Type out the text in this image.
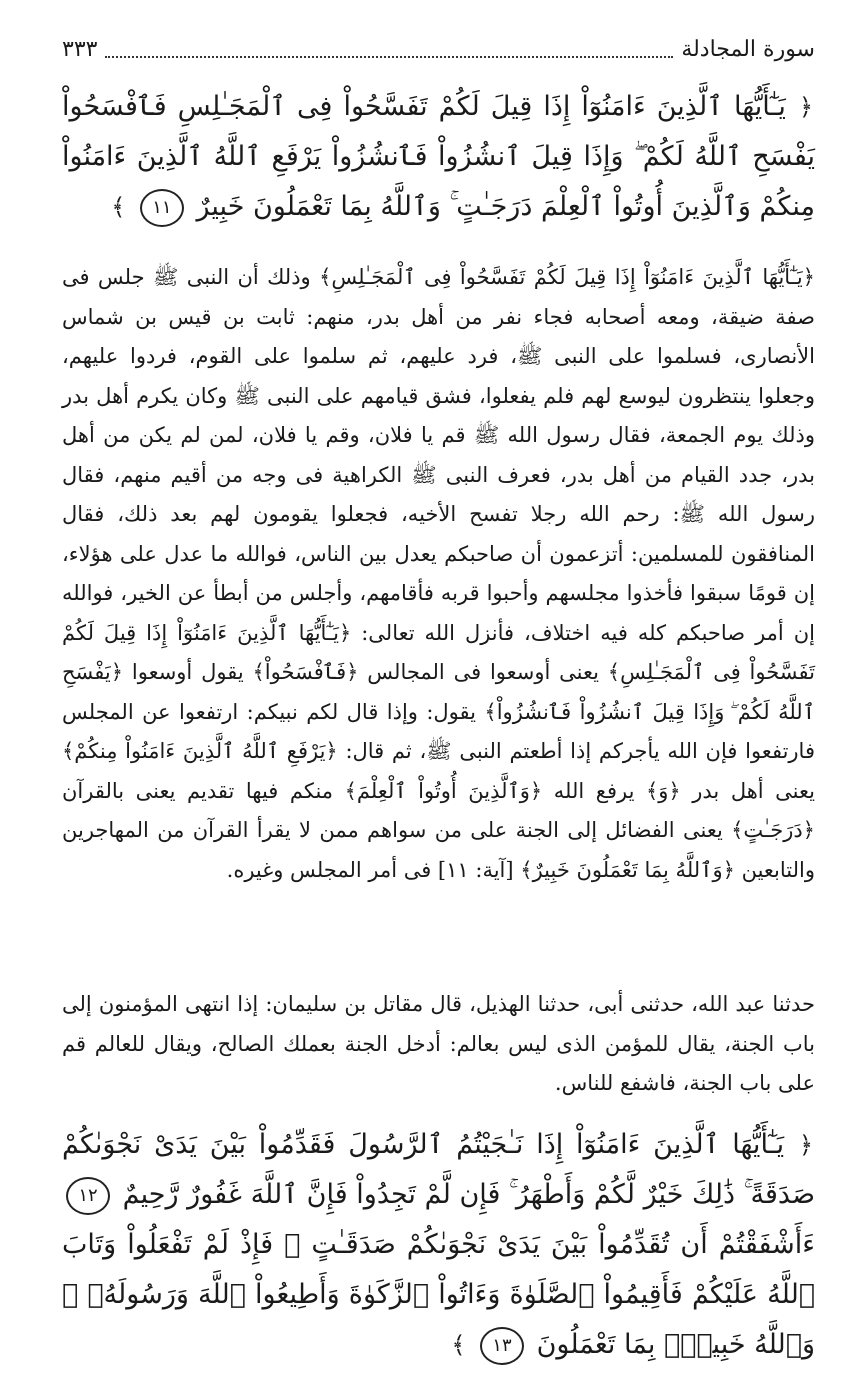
سورة المجادلة
٣٣٣

﴿ يَـٰٓأَيُّهَا ٱلَّذِينَ ءَامَنُوٓاْ إِذَا قِيلَ لَكُمْ تَفَسَّحُواْ فِى ٱلْمَجَـٰلِسِ فَٱفْسَحُواْ يَفْسَحِ ٱللَّهُ لَكُمْ ۖ وَإِذَا قِيلَ ٱنشُزُواْ فَٱنشُزُواْ يَرْفَعِ ٱللَّهُ ٱلَّذِينَ ءَامَنُواْ مِنكُمْ وَٱلَّذِينَ أُوتُواْ ٱلْعِلْمَ دَرَجَـٰتٍ ۚ وَٱللَّهُ بِمَا تَعْمَلُونَ خَبِيرٌ ١١ ﴾

﴿يَـٰٓأَيُّهَا ٱلَّذِينَ ءَامَنُوٓاْ إِذَا قِيلَ لَكُمْ تَفَسَّحُواْ فِى ٱلْمَجَـٰلِسِ﴾ وذلك أن النبى ﷺ جلس فى صفة ضيقة، ومعه أصحابه فجاء نفر من أهل بدر، منهم: ثابت بن قيس بن شماس الأنصارى، فسلموا على النبى ﷺ، فرد عليهم، ثم سلموا على القوم، فردوا عليهم، وجعلوا ينتظرون ليوسع لهم فلم يفعلوا، فشق قيامهم على النبى ﷺ وكان يكرم أهل بدر وذلك يوم الجمعة، فقال رسول الله ﷺ قم يا فلان، وقم يا فلان، لمن لم يكن من أهل بدر، جدد القيام من أهل بدر، فعرف النبى ﷺ الكراهية فى وجه من أقيم منهم، فقال رسول الله ﷺ: رحم الله رجلا تفسح الأخيه، فجعلوا يقومون لهم بعد ذلك، فقال المنافقون للمسلمين: أتزعمون أن صاحبكم يعدل بين الناس، فوالله ما عدل على هؤلاء، إن قومًا سبقوا فأخذوا مجلسهم وأحبوا قربه فأقامهم، وأجلس من أبطأ عن الخير، فوالله إن أمر صاحبكم كله فيه اختلاف، فأنزل الله تعالى: ﴿يَـٰٓأَيُّهَا ٱلَّذِينَ ءَامَنُوٓاْ إِذَا قِيلَ لَكُمْ تَفَسَّحُواْ فِى ٱلْمَجَـٰلِسِ﴾ يعنى أوسعوا فى المجالس ﴿فَٱفْسَحُواْ﴾ يقول أوسعوا ﴿يَفْسَحِ ٱللَّهُ لَكُمْ ۖ وَإِذَا قِيلَ ٱنشُزُواْ فَٱنشُزُواْ﴾ يقول: وإذا قال لكم نبيكم: ارتفعوا عن المجلس فارتفعوا فإن الله يأجركم إذا أطعتم النبى ﷺ، ثم قال: ﴿يَرْفَعِ ٱللَّهُ ٱلَّذِينَ ءَامَنُواْ مِنكُمْ﴾ يعنى أهل بدر ﴿وَ﴾ يرفع الله ﴿وَٱلَّذِينَ أُوتُواْ ٱلْعِلْمَ﴾ منكم فيها تقديم يعنى بالقرآن ﴿دَرَجَـٰتٍ﴾ يعنى الفضائل إلى الجنة على من سواهم ممن لا يقرأ القرآن من المهاجرين والتابعين ﴿وَٱللَّهُ بِمَا تَعْمَلُونَ خَبِيرٌ﴾ [آية: ١١] فى أمر المجلس وغيره.

حدثنا عبد الله، حدثنى أبى، حدثنا الهذيل، قال مقاتل بن سليمان: إذا انتهى المؤمنون إلى باب الجنة، يقال للمؤمن الذى ليس بعالم: أدخل الجنة بعملك الصالح، ويقال للعالم قم على باب الجنة، فاشفع للناس.

﴿ يَـٰٓأَيُّهَا ٱلَّذِينَ ءَامَنُوٓاْ إِذَا نَـٰجَيْتُمُ ٱلرَّسُولَ فَقَدِّمُواْ بَيْنَ يَدَىْ نَجْوَىٰكُمْ صَدَقَةً ۚ ذَٰلِكَ خَيْرٌ لَّكُمْ وَأَطْهَرُ ۚ فَإِن لَّمْ تَجِدُواْ فَإِنَّ ٱللَّهَ غَفُورٌ رَّحِيمٌ ١٢ ءَأَشْفَقْتُمْ أَن تُقَدِّمُواْ بَيْنَ يَدَىْ نَجْوَىٰكُمْ صَدَقَـٰتٍ ۚ فَإِذْ لَمْ تَفْعَلُواْ وَتَابَ ٱللَّهُ عَلَيْكُمْ فَأَقِيمُواْ ٱلصَّلَوٰةَ وَءَاتُواْ ٱلزَّكَوٰةَ وَأَطِيعُواْ ٱللَّهَ وَرَسُولَهُۥ ۚ وَٱللَّهُ خَبِيرٌۢ بِمَا تَعْمَلُونَ ١٣ ﴾
